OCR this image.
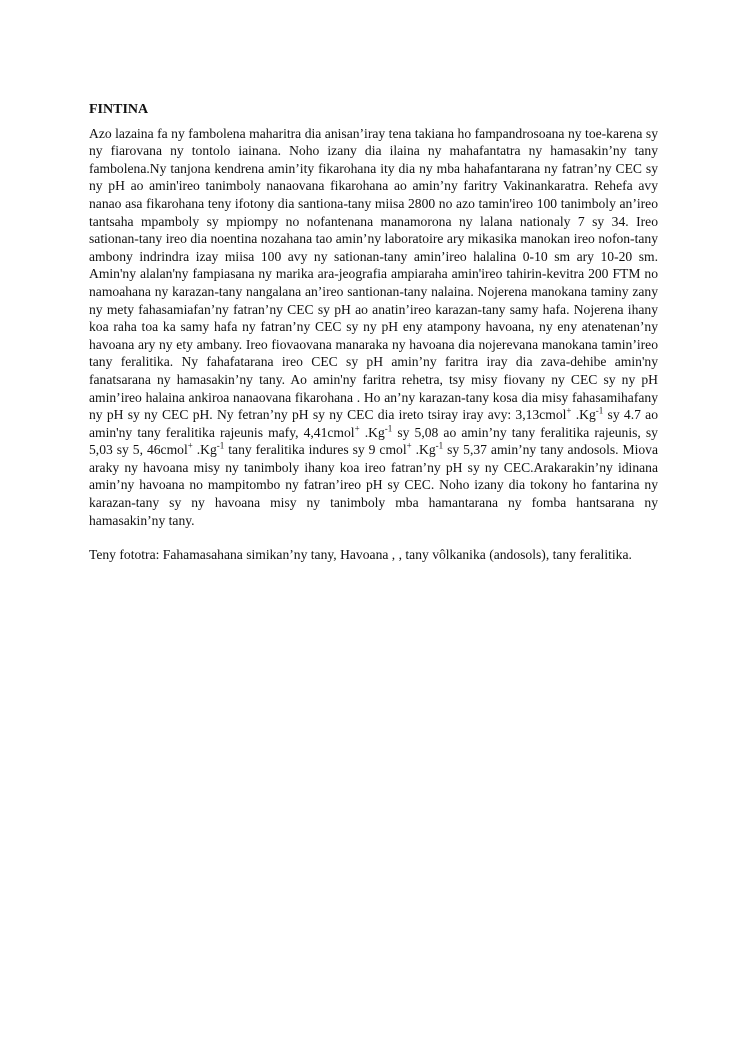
FINTINA

Azo lazaina fa ny fambolena maharitra dia anisan’iray tena takiana ho fampandrosoana ny toe-karena sy ny fiarovana ny tontolo iainana. Noho izany dia ilaina ny mahafantatra ny hamasakin’ny tany fambolena.Ny tanjona kendrena amin’ity fikarohana ity dia ny mba hahafantarana ny fatran’ny CEC sy ny pH ao amin'ireo tanimboly nanaovana fikarohana ao amin’ny faritry Vakinankaratra. Rehefa avy nanao asa fikarohana teny ifotony dia santiona-tany miisa 2800 no azo tamin'ireo 100 tanimboly an’ireo tantsaha mpamboly sy mpiompy no nofantenana manamorona ny lalana nationaly 7 sy 34. Ireo sationan-tany ireo dia noentina nozahana tao amin’ny laboratoire ary mikasika manokan ireo nofon-tany ambony indrindra izay miisa 100 avy ny sationan-tany amin’ireo halalina 0-10 sm ary 10-20 sm. Amin'ny alalan'ny fampiasana ny marika ara-jeografia ampiaraha amin'ireo tahirin-kevitra 200 FTM no namoahana ny karazan-tany nangalana an’ireo santionan-tany nalaina. Nojerena manokana taminy zany ny mety fahasamiafan’ny fatran’ny CEC sy pH ao anatin’ireo karazan-tany samy hafa. Nojerena ihany koa raha toa ka samy hafa ny fatran’ny CEC sy ny pH eny atampony havoana, ny eny atenatenan’ny havoana ary ny ety ambany. Ireo fiovaovana manaraka ny havoana dia nojerevana manokana tamin’ireo tany feralitika. Ny fahafatarana ireo CEC sy pH amin’ny faritra iray dia zava-dehibe amin'ny fanatsarana ny hamasakin’ny tany. Ao amin'ny faritra rehetra, tsy misy fiovany ny CEC sy ny pH amin’ireo halaina ankiroa nanaovana fikarohana . Ho an’ny karazan-tany kosa dia misy fahasamihafany ny pH sy ny CEC pH. Ny fetran’ny pH sy ny CEC dia ireto tsiray iray avy: 3,13cmol+ $.Kg^{-1}$ sy 4.7 ao amin'ny tany feralitika rajeunis mafy, 4,41cmol+ $.Kg^{-1}$ sy 5,08 ao amin’ny tany feralitika rajeunis, sy 5,03 sy 5, 46cmol+ $.Kg^{-1}$ tany feralitika indures sy 9 cmol+ $.Kg^{-1}$ sy 5,37 amin’ny tany andosols. Miova araky ny havoana misy ny tanimboly ihany koa ireo fatran’ny pH sy ny CEC.Arakarakin’ny idinana amin’ny havoana no mampitombo ny fatran’ireo pH sy CEC. Noho izany dia tokony ho fantarina ny karazan-tany sy ny havoana misy ny tanimboly mba hamantarana ny fomba hantsarana ny hamasakin’ny tany.

Teny fototra: Fahamasahana simikan’ny tany, Havoana , , tany vôlkanika (andosols), tany feralitika.
